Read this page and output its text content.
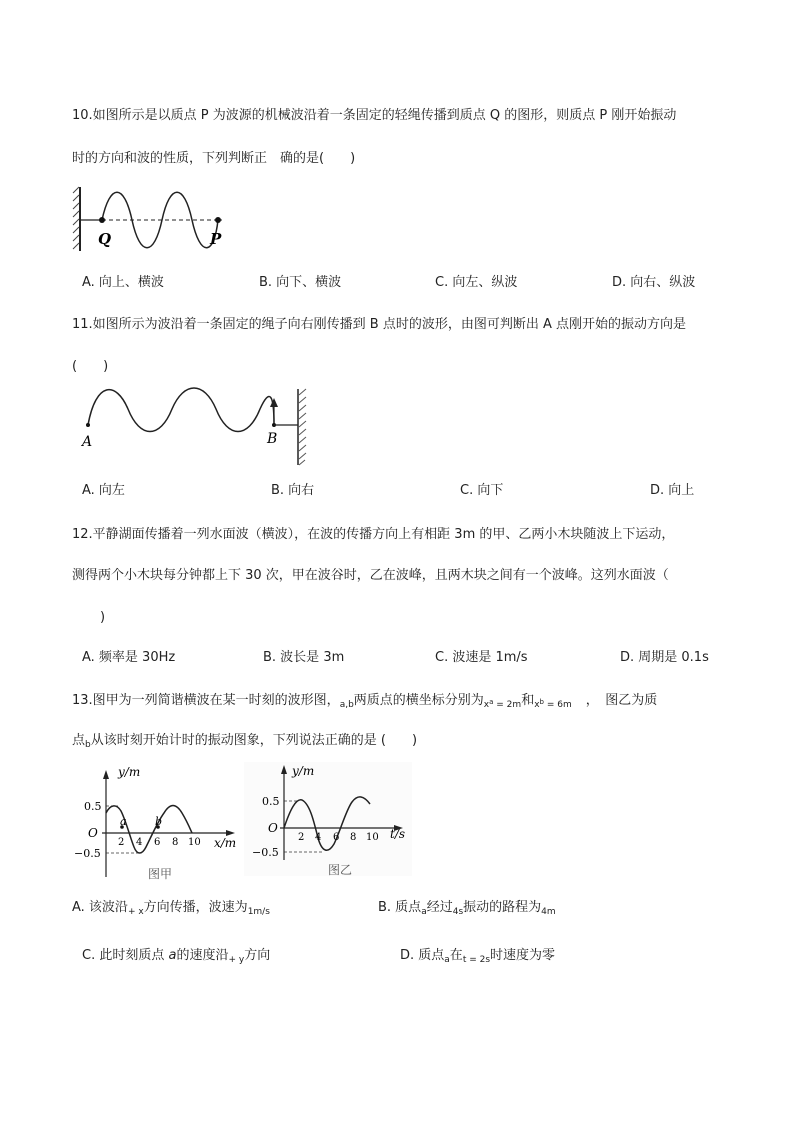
10.如图所示是以质点 P 为波源的机械波沿着一条固定的轻绳传播到质点 Q 的图形，则质点 P 刚开始振动
时的方向和波的性质，下列判断正　确的是(　　)
Q	P
A. 向上、横波	B. 向下、横波	C. 向左、纵波	D. 向右、纵波
11.如图所示为波沿着一条固定的绳子向右刚传播到 B 点时的波形，由图可判断出 A 点刚开始的振动方向是
(　　)
A	B
A. 向左	B. 向右	C. 向下	D. 向上
12.平静湖面传播着一列水面波（横波），在波的传播方向上有相距 3m 的甲、乙两小木块随波上下运动，
测得两个小木块每分钟都上下 30 次，甲在波谷时，乙在波峰，且两木块之间有一个波峰。这列水面波（
)
A. 频率是 30Hz	B. 波长是 3m	C. 波速是 1m/s	D. 周期是 0.1s
13.图甲为一列简谐横波在某一时刻的波形图，$_{a,b}$两质点的横坐标分别为$_x$a $_{= 2m}$和$_x$b $_{= 6m}$ ，　图乙为质
点$_b$从该时刻开始计时的振动图象，下列说法正确的是 (　　)
y/m
x/m
O
0.5
−0.5
2 4 6 8 10
a	b
图甲
y/m
t/s
O
0.5
−0.5
2 4 6 8 10
图乙
A. 该波沿$_{+ x}$方向传播，波速为$_{1m/s}$	B. 质点$_a$经过$_{4s}$振动的路程为$_{4m}$
C. 此时刻质点 a的速度沿$_{+ y}$方向	D. 质点$_a$在$_{t = 2s}$时速度为零
